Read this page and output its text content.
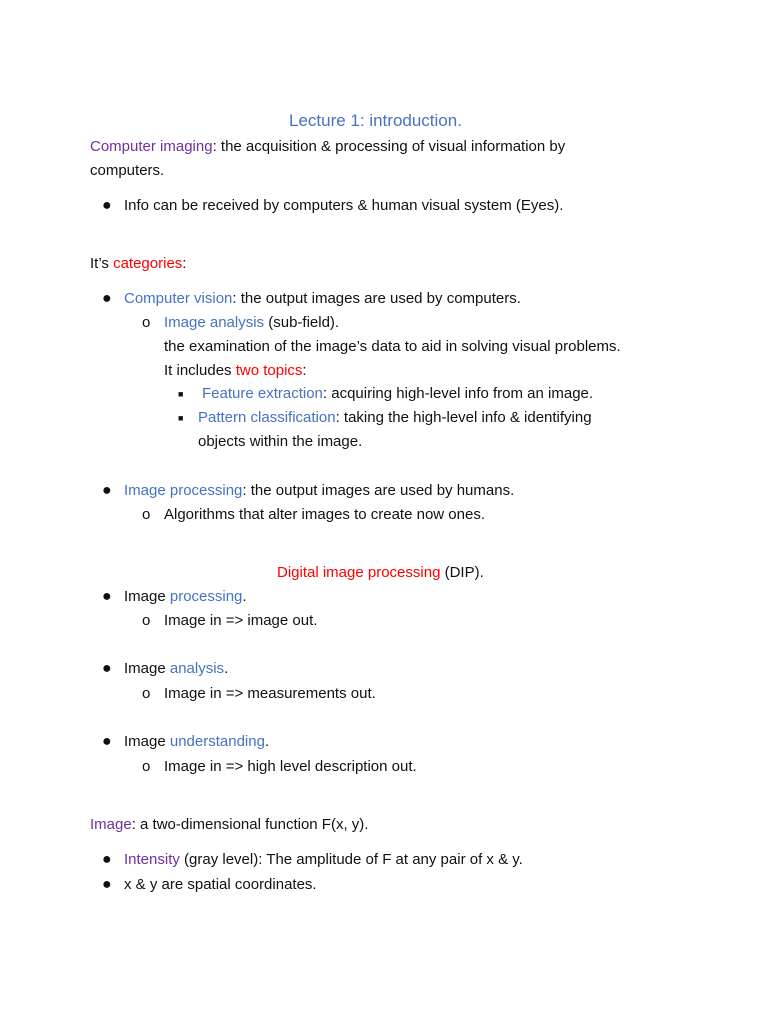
Lecture 1: introduction.
Computer imaging: the acquisition & processing of visual information by
computers.
● Info can be received by computers & human visual system (Eyes).
It’s categories:
● Computer vision: the output images are used by computers.
o Image analysis (sub-field).
the examination of the image’s data to aid in solving visual problems.
It includes two topics:
■ Feature extraction: acquiring high-level info from an image.
■ Pattern classification: taking the high-level info & identifying
objects within the image.
● Image processing: the output images are used by humans.
o Algorithms that alter images to create now ones.
Digital image processing (DIP).
● Image processing.
o Image in => image out.
● Image analysis.
o Image in => measurements out.
● Image understanding.
o Image in => high level description out.
Image: a two-dimensional function F(x, y).
● Intensity (gray level): The amplitude of F at any pair of x & y.
● x & y are spatial coordinates.
